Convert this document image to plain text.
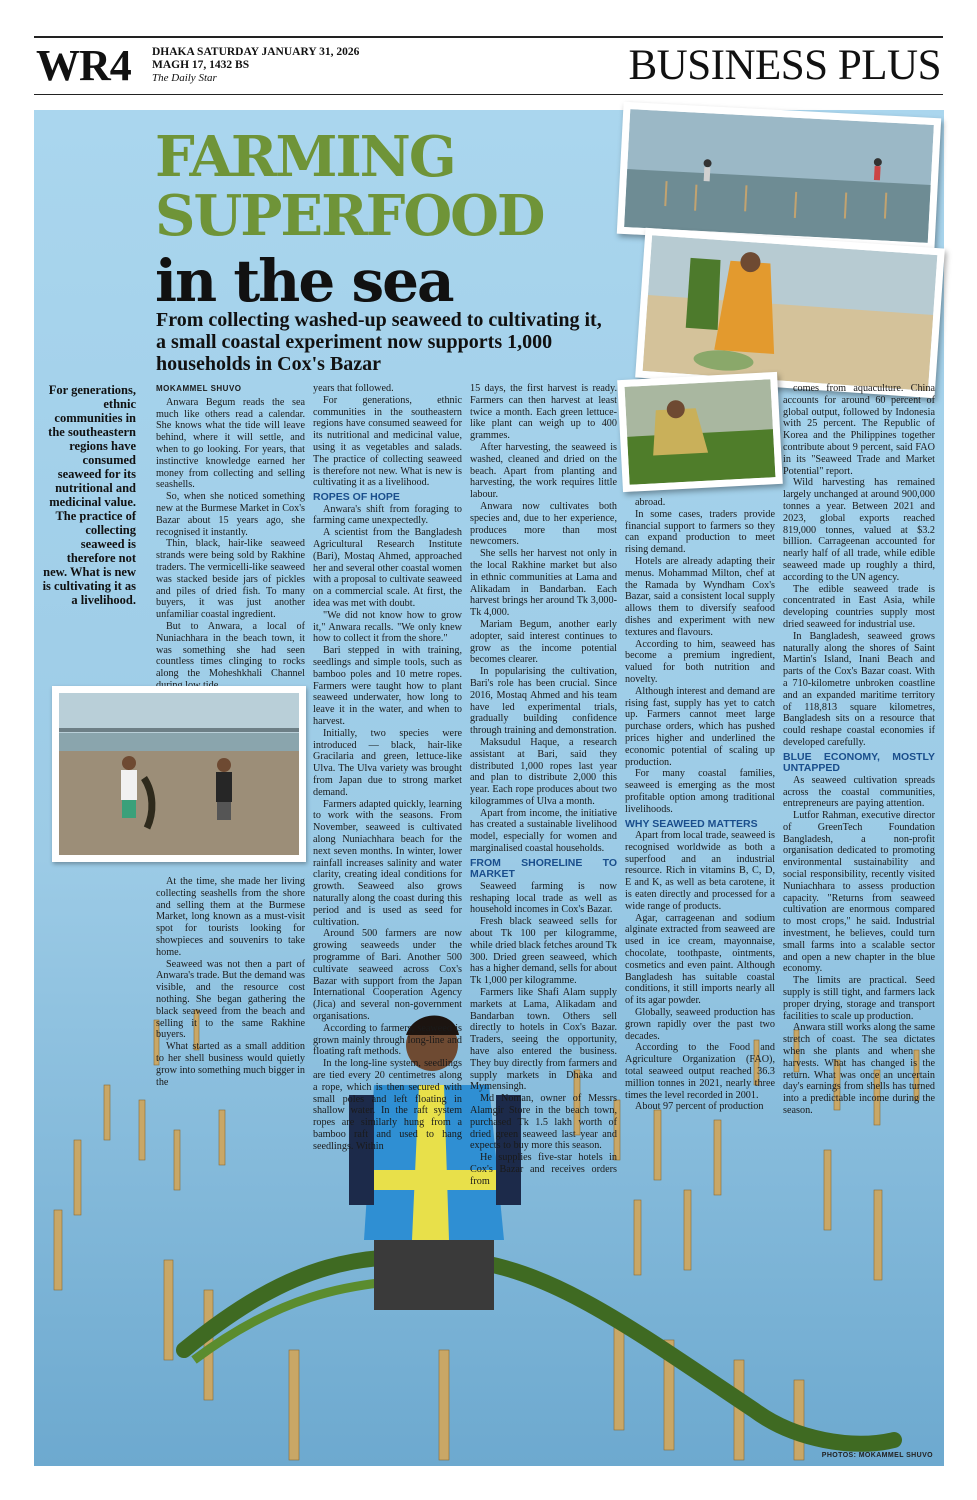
WR4 DHAKA SATURDAY JANUARY 31, 2026
MAGH 17, 1432 BS
The Daily Star	BUSINESS PLUS
FARMING
SUPERFOOD
in the sea
From collecting washed-up seaweed to cultivating it, a small coastal experiment now supports 1,000 households in Cox's Bazar
For generations, ethnic communities in the southeastern regions have consumed seaweed for its nutritional and medicinal value. The practice of collecting seaweed is therefore not new. What is new is cultivating it as a livelihood.
MOKAMMEL SHUVO

Anwara Begum reads the sea much like others read a calendar. She knows what the tide will leave behind, where it will settle, and when to go looking. For years, that instinctive knowledge earned her money from collecting and selling seashells.

So, when she noticed something new at the Burmese Market in Cox's Bazar about 15 years ago, she recognised it instantly.

Thin, black, hair-like seaweed strands were being sold by Rakhine traders. The vermicelli-like seaweed was stacked beside jars of pickles and piles of dried fish. To many buyers, it was just another unfamiliar coastal ingredient.

But to Anwara, a local of Nuniachhara in the beach town, it was something she had seen countless times clinging to rocks along the Moheshkhali Channel

At the time, she made her living collecting seashells from the shore and selling them at the Burmese Market, long known as a must-visit spot for tourists looking for showpieces and souvenirs to take home.

Seaweed was not then a part of Anwara's trade. But the demand was visible, and the resource cost nothing. She began gathering the black seaweed from the beach and selling it to the same Rakhine buyers.

What started as a small addition to her shell business would quietly grow into something much bigger in the

years that followed.

For generations, ethnic communities in the southeastern regions have consumed seaweed for its nutritional and medicinal value, using it as vegetables and salads. The practice of collecting seaweed is therefore not new. What is new is cultivating it as a livelihood.

ROPES OF HOPE

Anwara's shift from foraging to farming came unexpectedly.

A scientist from the Bangladesh Agricultural Research Institute (Bari), Mostaq Ahmed, approached her and several other coastal women with a proposal to cultivate seaweed on a commercial scale. At first, the idea was met with doubt.

"We did not know how to grow it," Anwara recalls. "We only knew how to collect it from the shore."

Bari stepped in with training, seedlings and simple tools, such as bamboo poles and 10 metre ropes. Farmers were taught how to plant seaweed underwater, how long to leave it in the water, and when to harvest.

Initially, two species were introduced — black, hair-like Gracilaria and green, lettuce-like Ulva. The Ulva variety was brought from Japan due to strong market demand.

Farmers adapted quickly, learning to work with the seasons. From November, seaweed is cultivated along Nuniachhara beach for the next seven months. In winter, lower rainfall increases salinity and water clarity, creating ideal conditions for growth. Seaweed also grows naturally along the coast during this period and is used as seed for cultivation.

Around 500 farmers are now growing seaweeds under the programme of Bari. Another 500 cultivate seaweed across Cox's Bazar with support from the Japan International Cooperation Agency (Jica) and several non-government organisations.

According to farmers, seaweed is grown mainly through long-line and floating raft methods.

In the long-line system, seedlings are tied every 20 centimetres along a rope, which is then secured with small poles and left floating in shallow water. In the raft system ropes are similarly hung from a bamboo raft and used to hang seedlings. Within

15 days, the first harvest is ready. Farmers can then harvest at least twice a month. Each green lettuce-like plant can weigh up to 400 grammes.

After harvesting, the seaweed is washed, cleaned and dried on the beach. Apart from planting and harvesting, the work requires little labour.

Anwara now cultivates both species and, due to her experience, produces more than most newcomers.

She sells her harvest not only in the local Rakhine market but also in ethnic communities at Lama and Alikadam in Bandarban. Each harvest brings her around Tk 3,000-Tk 4,000.

Mariam Begum, another early adopter, said interest continues to grow as the income potential becomes clearer.

In popularising the cultivation, Bari's role has been crucial. Since 2016, Mostaq Ahmed and his team have led experimental trials, gradually building confidence through training and demonstration.

Maksudul Haque, a research assistant at Bari, said they distributed 1,000 ropes last year and plan to distribute 2,000 this year. Each rope produces about two kilogrammes of Ulva a month.

Apart from income, the initiative has created a sustainable livelihood model, especially for women and marginalised coastal households.

FROM SHORELINE TO MARKET

Seaweed farming is now reshaping local trade as well as household incomes in Cox's Bazar.

Fresh black seaweed sells for about Tk 100 per kilogramme, while dried black fetches around Tk 300. Dried green seaweed, which has a higher demand, sells for about Tk 1,000 per kilogramme.

Farmers like Shafi Alam supply markets at Lama, Alikadam and Bandarban town. Others sell directly to hotels in Cox's Bazar. Traders, seeing the opportunity, have also entered the business. They buy directly from farmers and supply markets in Dhaka and Mymensingh.

Md Noman, owner of Messrs Alamgir Store in the beach town, purchased Tk 1.5 lakh worth of dried green seaweed last year and expects to buy more this season.

He supplies five-star hotels in Cox's Bazar and receives orders from

abroad.

In some cases, traders provide financial support to farmers so they can expand production to meet rising demand.

Hotels are already adapting their menus. Mohammad Milton, chef at the Ramada by Wyndham Cox's Bazar, said a consistent local supply allows them to diversify seafood dishes and experiment with new textures and flavours.

According to him, seaweed has become a premium ingredient, valued for both nutrition and novelty.

Although interest and demand are rising fast, supply has yet to catch up. Farmers cannot meet large purchase orders, which has pushed prices higher and underlined the economic potential of scaling up production.

For many coastal families, seaweed is emerging as the most profitable option among traditional livelihoods.

WHY SEAWEED MATTERS

Apart from local trade, seaweed is recognised worldwide as both a superfood and an industrial resource. Rich in vitamins B, C, D, E and K, as well as beta carotene, it is eaten directly and processed for a wide range of products.

Agar, carrageenan and sodium alginate extracted from seaweed are used in ice cream, mayonnaise, chocolate, toothpaste, ointments, cosmetics and even paint. Although Bangladesh has suitable coastal conditions, it still imports nearly all of its agar powder.

Globally, seaweed production has grown rapidly over the past two decades.

According to the Food and Agriculture Organization (FAO), total seaweed output reached 36.3 million tonnes in 2021, nearly three times the level recorded in 2001.

About 97 percent of production

comes from aquaculture. China accounts for around 60 percent of global output, followed by Indonesia with 25 percent. The Republic of Korea and the Philippines together contribute about 9 percent, said FAO in its "Seaweed Trade and Market Potential" report.

Wild harvesting has remained largely unchanged at around 900,000 tonnes a year. Between 2021 and 2023, global exports reached 819,000 tonnes, valued at $3.2 billion. Carrageenan accounted for nearly half of all trade, while edible seaweed made up roughly a third, according to the UN agency.

The edible seaweed trade is concentrated in East Asia, while developing countries supply most dried seaweed for industrial use.

In Bangladesh, seaweed grows naturally along the shores of Saint Martin's Island, Inani Beach and parts of the Cox's Bazar coast. With a 710-kilometre unbroken coastline and an expanded maritime territory of 118,813 square kilometres, Bangladesh sits on a resource that could reshape coastal economies if developed carefully.

BLUE ECONOMY, MOSTLY UNTAPPED

As seaweed cultivation spreads across the coastal communities, entrepreneurs are paying attention.

Lutfor Rahman, executive director of GreenTech Foundation Bangladesh, a non-profit organisation dedicated to promoting environmental sustainability and social responsibility, recently visited Nuniachhara to assess production capacity. "Returns from seaweed cultivation are enormous compared to most crops," he said. Industrial investment, he believes, could turn small farms into a scalable sector and open a new chapter in the blue economy.

The limits are practical. Seed supply is still tight, and farmers lack proper drying, storage and transport facilities to scale up production.

Anwara still works along the same stretch of coast. The sea dictates when she plants and when she harvests. What has changed is the return. What was once an uncertain day's earnings from shells has turned into a predictable income during the season.

PHOTOS: MOKAMMEL SHUVO
